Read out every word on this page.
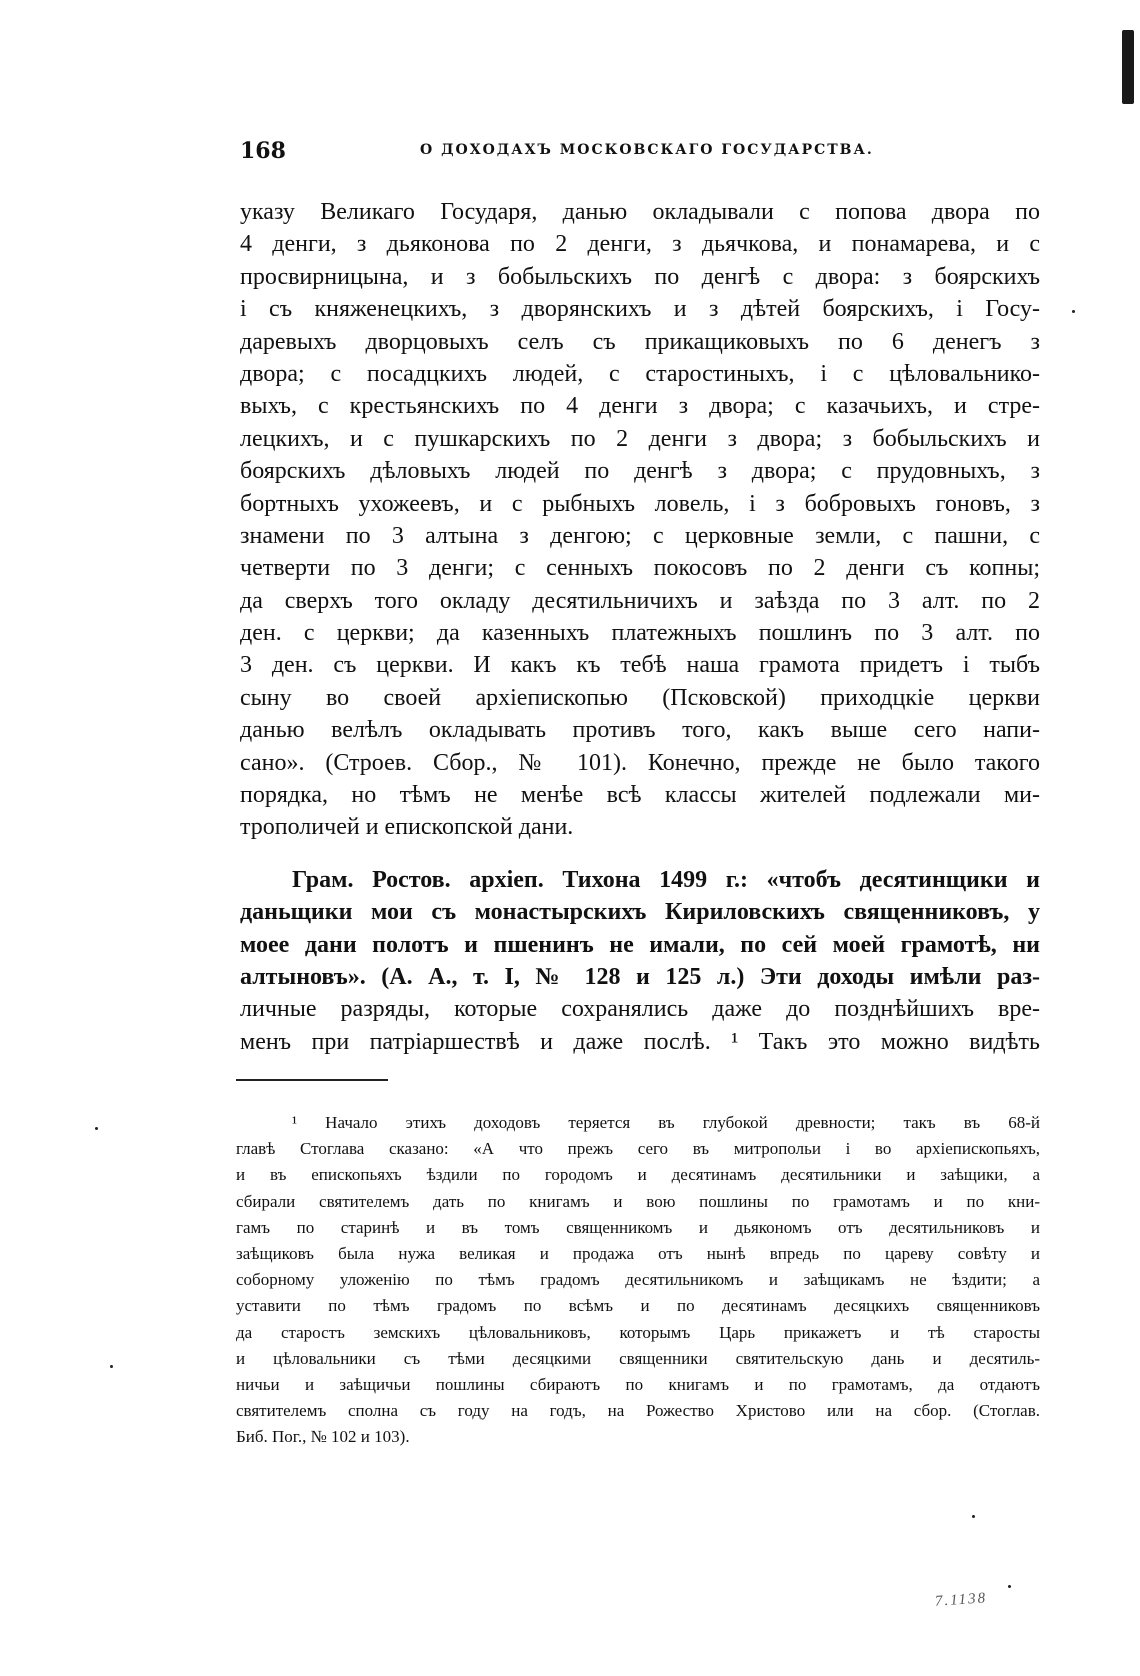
168	О ДОХОДАХЪ МОСКОВСКАГО ГОСУДАРСТВА.
указу Великаго Государя, данью окладывали с попова двора по
4 денги, з дьяконова по 2 денги, з дьячкова, и понамарева, и с
просвирницына, и з бобыльскихъ по денгѣ с двора: з боярскихъ
і съ княженецкихъ, з дворянскихъ и з дѣтей боярскихъ, і Госу-
даревыхъ дворцовыхъ селъ съ прикащиковыхъ по 6 денегъ з
двора; с посадцкихъ людей, с старостиныхъ, і с цѣловальнико-
выхъ, с крестьянскихъ по 4 денги з двора; с казачьихъ, и стре-
лецкихъ, и с пушкарскихъ по 2 денги з двора; з бобыльскихъ и
боярскихъ дѣловыхъ людей по денгѣ з двора; с прудовныхъ, з
бортныхъ ухожеевъ, и с рыбныхъ ловель, і з бобровыхъ гоновъ, з
знамени по 3 алтына з денгою; с церковные земли, с пашни, с
четверти по 3 денги; с сенныхъ покосовъ по 2 денги съ копны;
да сверхъ того окладу десятильничихъ и заѣзда по 3 алт. по 2
ден. с церкви; да казенныхъ платежныхъ пошлинъ по 3 алт. по
3 ден. съ церкви. И какъ къ тебѣ наша грамота придетъ і тыбъ
сыну во своей архіепископью (Псковской) приходцкіе церкви
данью велѣлъ окладывать противъ того, какъ выше сего напи-
сано». (Строев. Сбор., № 101). Конечно, прежде не было такого
порядка, но тѣмъ не менѣе всѣ классы жителей подлежали ми-
трополичей и епископской дани.
Грам. Ростов. архіеп. Тихона 1499 г.: «чтобъ десятинщики и
даньщики мои съ монастырскихъ Кириловскихъ священниковъ, у
моее дани полотъ и пшенинъ не имали, по сей моей грамотѣ, ни
алтыновъ». (А. А., т. I, № 128 и 125 л.) Эти доходы имѣли раз-
личные разряды, которые сохранялись даже до позднѣйшихъ вре-
менъ при патріаршествѣ и даже послѣ. ¹ Такъ это можно видѣть
¹ Начало этихъ доходовъ теряется въ глубокой древности; такъ въ 68-й
главѣ Стоглава сказано: «А что прежъ сего въ митропольи і во архіепископьяхъ,
и въ епископьяхъ ѣздили по городомъ и десятинамъ десятильники и заѣщики, а
сбирали святителемъ дать по книгамъ и вою пошлины по грамотамъ и по кни-
гамъ по старинѣ и въ томъ священникомъ и дьякономъ отъ десятильниковъ и
заѣщиковъ была нужа великая и продажа отъ нынѣ впредь по цареву совѣту и
соборному уложенію по тѣмъ градомъ десятильникомъ и заѣщикамъ не ѣздити; а
уставити по тѣмъ градомъ по всѣмъ и по десятинамъ десяцкихъ священниковъ
да старостъ земскихъ цѣловальниковъ, которымъ Царь прикажетъ и тѣ старосты
и цѣловальники съ тѣми десяцкими священники святительскую дань и десятиль-
ничьи и заѣщичьи пошлины сбираютъ по книгамъ и по грамотамъ, да отдаютъ
святителемъ сполна съ году на годъ, на Рожество Христово или на сбор. (Стоглав.
Биб. Пог., № 102 и 103).
7.1138
